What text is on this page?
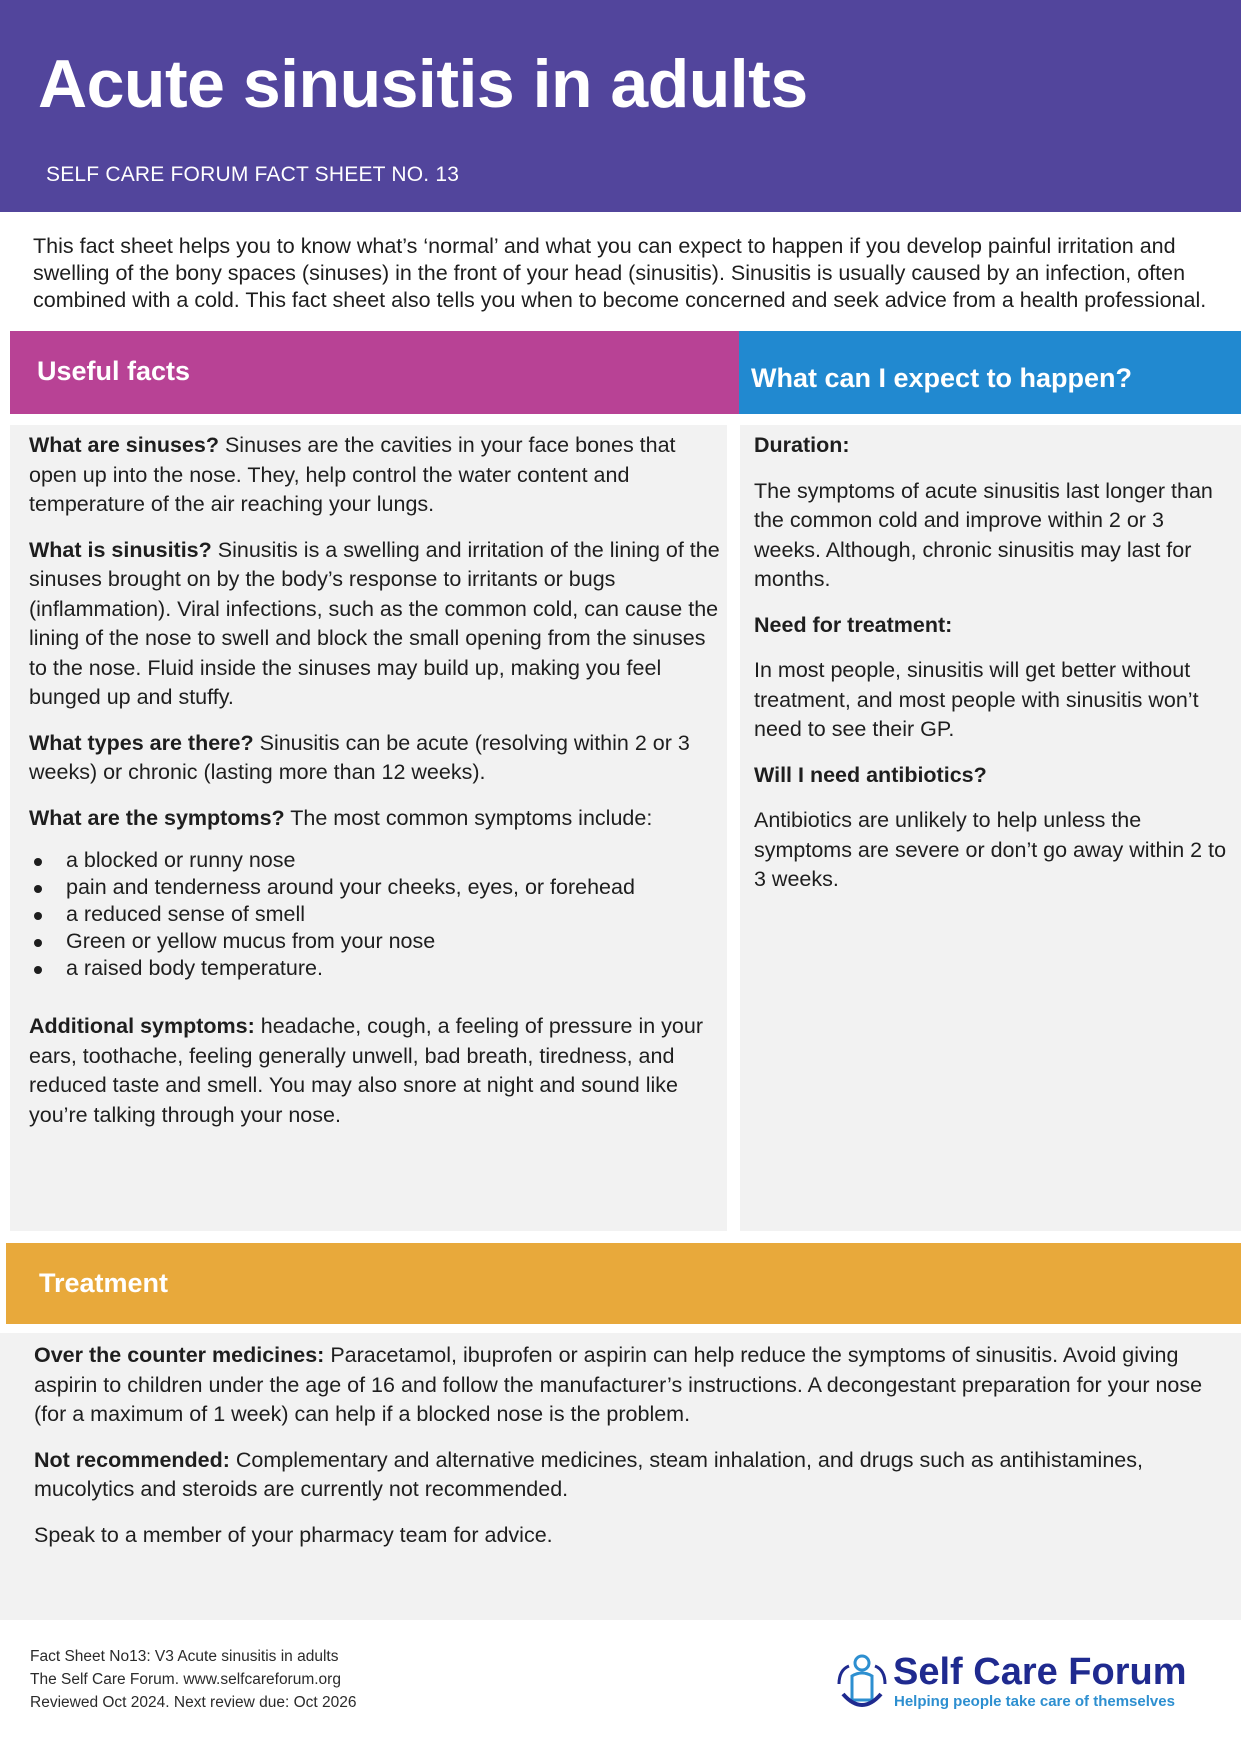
Acute sinusitis in adults
SELF CARE FORUM FACT SHEET NO. 13

This fact sheet helps you to know what’s ‘normal’ and what you can expect to happen if you develop painful irritation and swelling of the bony spaces (sinuses) in the front of your head (sinusitis). Sinusitis is usually caused by an infection, often combined with a cold. This fact sheet also tells you when to become concerned and seek advice from a health professional.

Useful facts	What can I expect to happen?

What are sinuses? Sinuses are the cavities in your face bones that open up into the nose. They, help control the water content and temperature of the air reaching your lungs.

What is sinusitis? Sinusitis is a swelling and irritation of the lining of the sinuses brought on by the body’s response to irritants or bugs (inflammation). Viral infections, such as the common cold, can cause the lining of the nose to swell and block the small opening from the sinuses to the nose. Fluid inside the sinuses may build up, making you feel bunged up and stuffy.

What types are there? Sinusitis can be acute (resolving within 2 or 3 weeks) or chronic (lasting more than 12 weeks).

What are the symptoms? The most common symptoms include:

a blocked or runny nose
pain and tenderness around your cheeks, eyes, or forehead
a reduced sense of smell
Green or yellow mucus from your nose
a raised body temperature.

Additional symptoms: headache, cough, a feeling of pressure in your ears, toothache, feeling generally unwell, bad breath, tiredness, and reduced taste and smell. You may also snore at night and sound like you’re talking through your nose.

Duration:

The symptoms of acute sinusitis last longer than the common cold and improve within 2 or 3 weeks. Although, chronic sinusitis may last for months.

Need for treatment:

In most people, sinusitis will get better without treatment, and most people with sinusitis won’t need to see their GP.

Will I need antibiotics?

Antibiotics are unlikely to help unless the symptoms are severe or don’t go away within 2 to 3 weeks.

Treatment

Over the counter medicines: Paracetamol, ibuprofen or aspirin can help reduce the symptoms of sinusitis. Avoid giving aspirin to children under the age of 16 and follow the manufacturer’s instructions. A decongestant preparation for your nose (for a maximum of 1 week) can help if a blocked nose is the problem.

Not recommended: Complementary and alternative medicines, steam inhalation, and drugs such as antihistamines, mucolytics and steroids are currently not recommended.

Speak to a member of your pharmacy team for advice.

Fact Sheet No13: V3 Acute sinusitis in adults
The Self Care Forum. www.selfcareforum.org
Reviewed Oct 2024. Next review due: Oct 2026
Self Care Forum
Helping people take care of themselves
